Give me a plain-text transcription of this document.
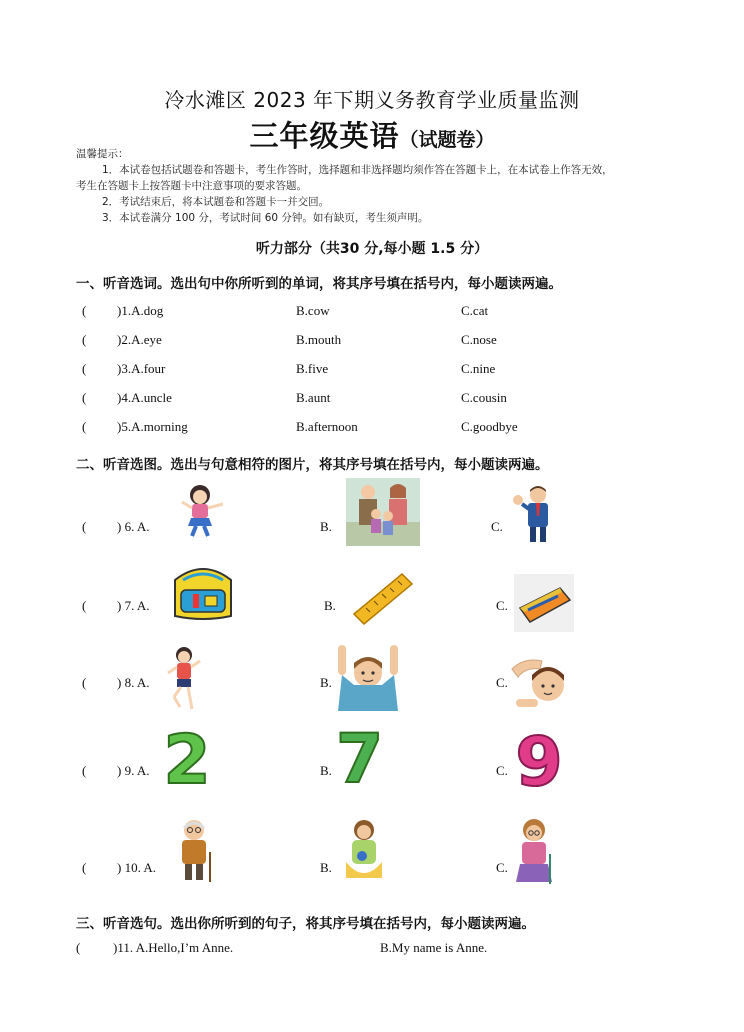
冷水滩区 2023 年下期义务教育学业质量监测
三年级英语（试题卷）
温馨提示：
1．本试卷包括试题卷和答题卡，考生作答时，选择题和非选择题均须作答在答题卡上，在本试卷上作答无效，
考生在答题卡上按答题卡中注意事项的要求答题。
2．考试结束后，将本试题卷和答题卡一并交回。
3．本试卷满分 100 分，考试时间 60 分钟。如有缺页，考生须声明。
听力部分（共30 分,每小题 1.5 分）
一、听音选词。选出句中你所听到的单词，将其序号填在括号内，每小题读两遍。
( )1.A.dog	B.cow	C.cat
( )2.A.eye	B.mouth	C.nose
( )3.A.four	B.five	C.nine
( )4.A.uncle	B.aunt	C.cousin
( )5.A.morning	B.afternoon	C.goodbye
二、听音选图。选出与句意相符的图片，将其序号填在括号内，每小题读两遍。
( ) 6. A.	B.	C.
( ) 7. A.	B.	C.
( ) 8. A.	B.	C.
( ) 9. A.	B.	C.
2 7 9
( ) 10. A.	B.	C.
三、听音选句。选出你所听到的句子，将其序号填在括号内，每小题读两遍。
(	)11. A.Hello,I’m Anne.	B.My name is Anne.
